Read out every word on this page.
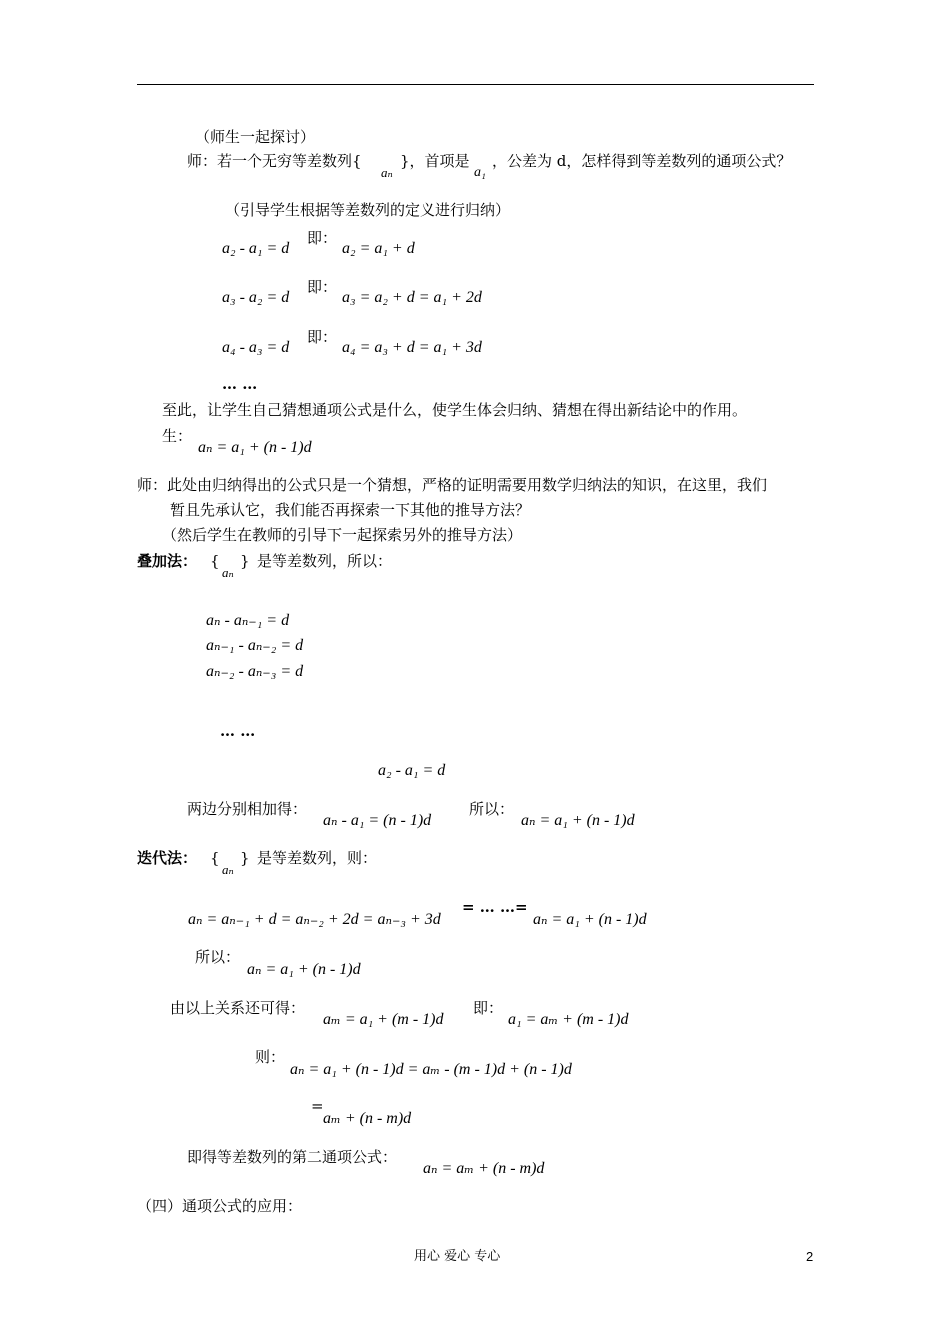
（师生一起探讨）
师：若一个无穷等差数列{
aₙ
}，首项是
a₁
，公差为 d，怎样得到等差数列的通项公式？
（引导学生根据等差数列的定义进行归纳）
a₂ - a₁ = d
即：
a₂ = a₁ + d
a₃ - a₂ = d
即：
a₃ = a₂ + d = a₁ + 2d
a₄ - a₃ = d
即：
a₄ = a₃ + d = a₁ + 3d
… …
至此，让学生自己猜想通项公式是什么，使学生体会归纳、猜想在得出新结论中的作用。
生：
aₙ = a₁ + (n - 1)d
师：此处由归纳得出的公式只是一个猜想，严格的证明需要用数学归纳法的知识，在这里，我们
暂且先承认它，我们能否再探索一下其他的推导方法？
（然后学生在教师的引导下一起探索另外的推导方法）
叠加法： {
aₙ
} 是等差数列，所以：
aₙ - aₙ₋₁ = d
aₙ₋₁ - aₙ₋₂ = d
aₙ₋₂ - aₙ₋₃ = d
… …
a₂ - a₁ = d
两边分别相加得：
aₙ - a₁ = (n - 1)d
所以：
aₙ = a₁ + (n - 1)d
迭代法： {
aₙ
} 是等差数列，则：
aₙ = aₙ₋₁ + d = aₙ₋₂ + 2d = aₙ₋₃ + 3d
= … …=
aₙ = a₁ + (n - 1)d
所以：
aₙ = a₁ + (n - 1)d
由以上关系还可得：
aₘ = a₁ + (m - 1)d
即：
a₁ = aₘ + (m - 1)d
则：
aₙ = a₁ + (n - 1)d = aₘ - (m - 1)d + (n - 1)d
=
aₘ + (n - m)d
即得等差数列的第二通项公式：
aₙ = aₘ + (n - m)d
（四）通项公式的应用：
用心 爱心 专心	2
